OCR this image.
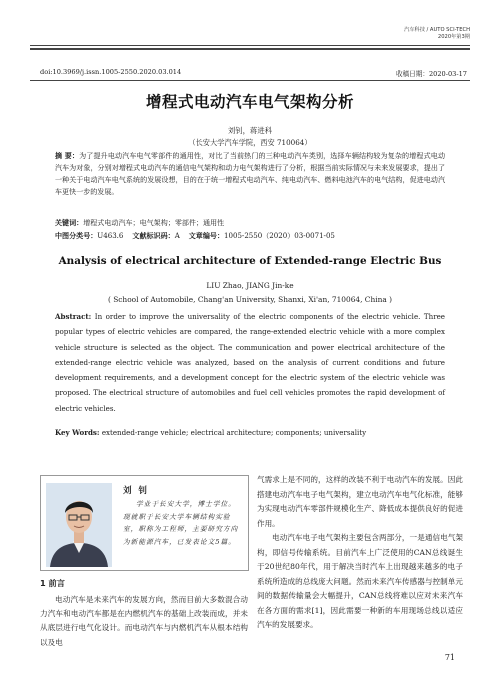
汽车科技 / AUTO SCI-TECH
2020年第3期
doi:10.3969/j.issn.1005-2550.2020.03.014	收稿日期：2020-03-17
增程式电动汽车电气架构分析
刘钊，蒋进科
（长安大学汽车学院，西安 710064）
摘 要：为了提升电动汽车电气零部件的通用性，对比了当前热门的三种电动汽车类别，选择车辆结构较为复杂的增程式电动汽车为对象，分别对增程式电动汽车的通信电气架构和动力电气架构进行了分析，根据当前实际情况与未来发展要求，提出了一种关于电动汽车电气系统的发展设想，目的在于统一增程式电动汽车、纯电动汽车、燃料电池汽车的电气结构，促进电动汽车更快一步的发展。
关键词：增程式电动汽车；电气架构；零部件；通用性
中图分类号：U463.6 文献标识码：A 文章编号：1005-2550（2020）03-0071-05
Analysis of electrical architecture of Extended-range Electric Bus
LIU Zhao, JIANG Jin-ke
( School of Automobile, Chang'an University, Shanxi, Xi'an, 710064, China )
Abstract: In order to improve the universality of the electric components of the electric vehicle. Three popular types of electric vehicles are compared, the range-extended electric vehicle with a more complex vehicle structure is selected as the object. The communication and power electrical architecture of the extended-range electric vehicle was analyzed, based on the analysis of current conditions and future development requirements, and a development concept for the electric system of the electric vehicle was proposed. The electrical structure of automobiles and fuel cell vehicles promotes the rapid development of electric vehicles.
Key Words: extended-range vehicle; electrical architecture; components; universality
刘 钊
学业于长安大学，博士学位。现就职于长安大学车辆结构实验室，职称为工程师，主要研究方向为新能源汽车，已发表论文5篇。
1 前言
电动汽车是未来汽车的发展方向，然而目前大多数混合动力汽车和电动汽车都是在内燃机汽车的基础上改装而成，并未从底层进行电气化设计。而电动汽车与内燃机汽车从根本结构以及电

气需求上是不同的，这样的改装不利于电动汽车的发展。因此搭建电动汽车电子电气架构，建立电动汽车电气化标准，能够为实现电动汽车零部件规模化生产、降低成本提供良好的促进作用。

电动汽车电子电气架构主要包含两部分，一是通信电气架构，即信号传输系统。目前汽车上广泛使用的CAN总线诞生于20世纪80年代，用于解决当时汽车上出现越来越多的电子系统所造成的总线庞大问题。然而未来汽车传感器与控制单元间的数据传输量会大幅提升，CAN总线将难以应对未来汽车在各方面的需求[1]，因此需要一种新的车用现场总线以适应汽车的发展要求。

71
